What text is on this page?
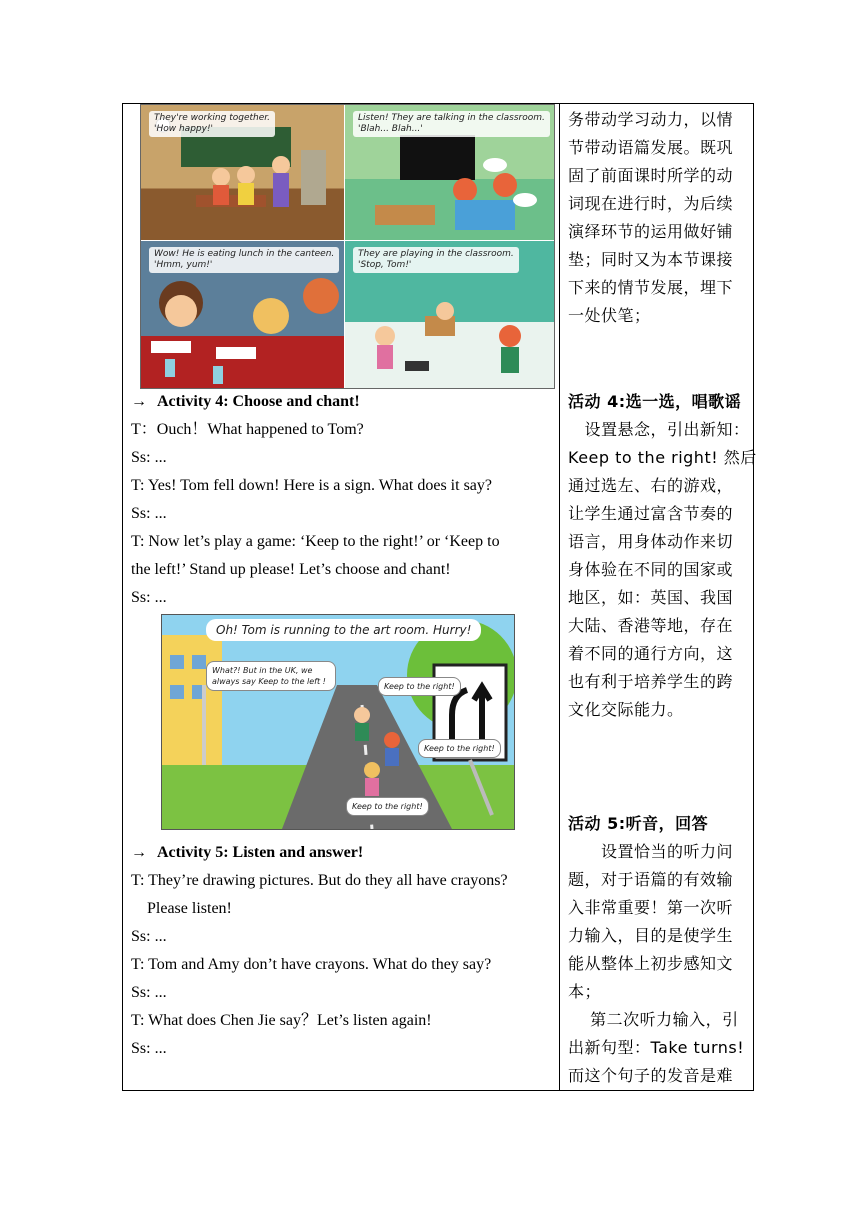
They're working together.
'How happy!'
Listen! They are talking in the classroom.
'Blah... Blah...'
Wow! He is eating lunch in the canteen.
'Hmm, yum!'
They are playing in the classroom.
'Stop, Tom!'
→ Activity 4: Choose and chant!
T：Ouch！What happened to Tom?
Ss: ...
T: Yes! Tom fell down! Here is a sign. What does it say?
Ss: ...
T: Now let’s play a game: ‘Keep to the right!’ or ‘Keep to
the left!’ Stand up please! Let’s choose and chant!
Ss: ...
Oh! Tom is running to the art room. Hurry!
What?! But in the UK, we
always say Keep to the left !
Keep to the right!
Keep to the right!
Keep to the right!
→ Activity 5: Listen and answer!
T: They’re drawing pictures. But do they all have crayons?
Please listen!
Ss: ...
T: Tom and Amy don’t have crayons. What do they say?
Ss: ...
T: What does Chen Jie say？Let’s listen again!
Ss: ...
务带动学习动力，以情
节带动语篇发展。既巩
固了前面课时所学的动
词现在进行时，为后续
演绎环节的运用做好铺
垫；同时又为本节课接
下来的情节发展，埋下
一处伏笔；
活动 4:选一选，唱歌谣
　设置悬念，引出新知：
Keep to the right! 然后
通过选左、右的游戏，
让学生通过富含节奏的
语言，用身体动作来切
身体验在不同的国家或
地区，如：英国、我国
大陆、香港等地，存在
着不同的通行方向，这
也有利于培养学生的跨
文化交际能力。
活动 5:听音，回答
　　设置恰当的听力问
题，对于语篇的有效输
入非常重要！第一次听
力输入，目的是使学生
能从整体上初步感知文
本；
　 第二次听力输入，引
出新句型：Take turns!
而这个句子的发音是难
